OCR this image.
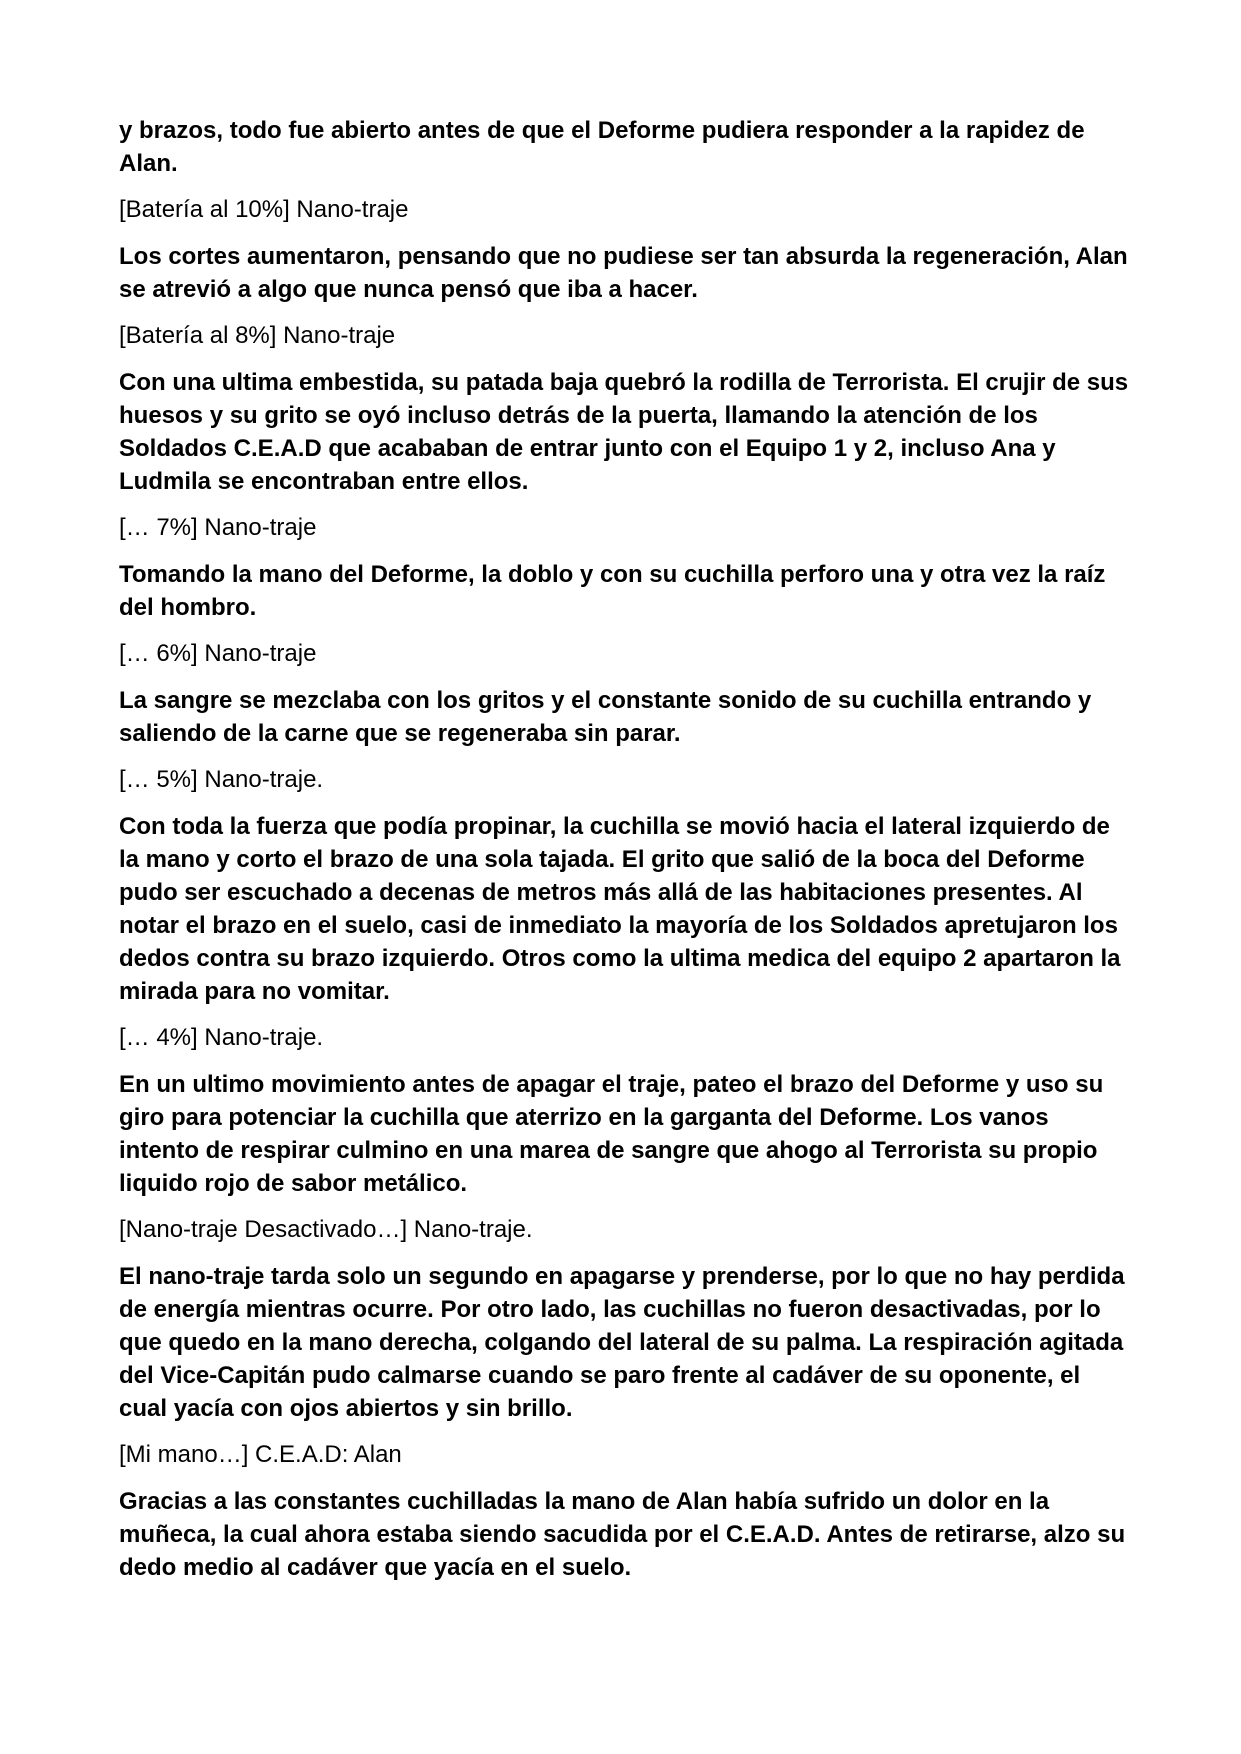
y brazos, todo fue abierto antes de que el Deforme pudiera responder a la rapidez de Alan.

[Batería al 10%] Nano-traje

Los cortes aumentaron, pensando que no pudiese ser tan absurda la regeneración, Alan se atrevió a algo que nunca pensó que iba a hacer.

[Batería al 8%] Nano-traje

Con una ultima embestida, su patada baja quebró la rodilla de Terrorista. El crujir de sus huesos y su grito se oyó incluso detrás de la puerta, llamando la atención de los Soldados C.E.A.D que acababan de entrar junto con el Equipo 1 y 2, incluso Ana y Ludmila se encontraban entre ellos.

[… 7%] Nano-traje

Tomando la mano del Deforme, la doblo y con su cuchilla perforo una y otra vez la raíz del hombro.

[… 6%] Nano-traje

La sangre se mezclaba con los gritos y el constante sonido de su cuchilla entrando y saliendo de la carne que se regeneraba sin parar.

[… 5%] Nano-traje.

Con toda la fuerza que podía propinar, la cuchilla se movió hacia el lateral izquierdo de la mano y corto el brazo de una sola tajada. El grito que salió de la boca del Deforme pudo ser escuchado a decenas de metros más allá de las habitaciones presentes. Al notar el brazo en el suelo, casi de inmediato la mayoría de los Soldados apretujaron los dedos contra su brazo izquierdo. Otros como la ultima medica del equipo 2 apartaron la mirada para no vomitar.

[… 4%] Nano-traje.

En un ultimo movimiento antes de apagar el traje, pateo el brazo del Deforme y uso su giro para potenciar la cuchilla que aterrizo en la garganta del Deforme. Los vanos intento de respirar culmino en una marea de sangre que ahogo al Terrorista su propio liquido rojo de sabor metálico.

[Nano-traje Desactivado…] Nano-traje.

El nano-traje tarda solo un segundo en apagarse y prenderse, por lo que no hay perdida de energía mientras ocurre. Por otro lado, las cuchillas no fueron desactivadas, por lo que quedo en la mano derecha, colgando del lateral de su palma. La respiración agitada del Vice-Capitán pudo calmarse cuando se paro frente al cadáver de su oponente, el cual yacía con ojos abiertos y sin brillo.

[Mi mano…] C.E.A.D: Alan

Gracias a las constantes cuchilladas la mano de Alan había sufrido un dolor en la muñeca, la cual ahora estaba siendo sacudida por el C.E.A.D. Antes de retirarse, alzo su dedo medio al cadáver que yacía en el suelo.
